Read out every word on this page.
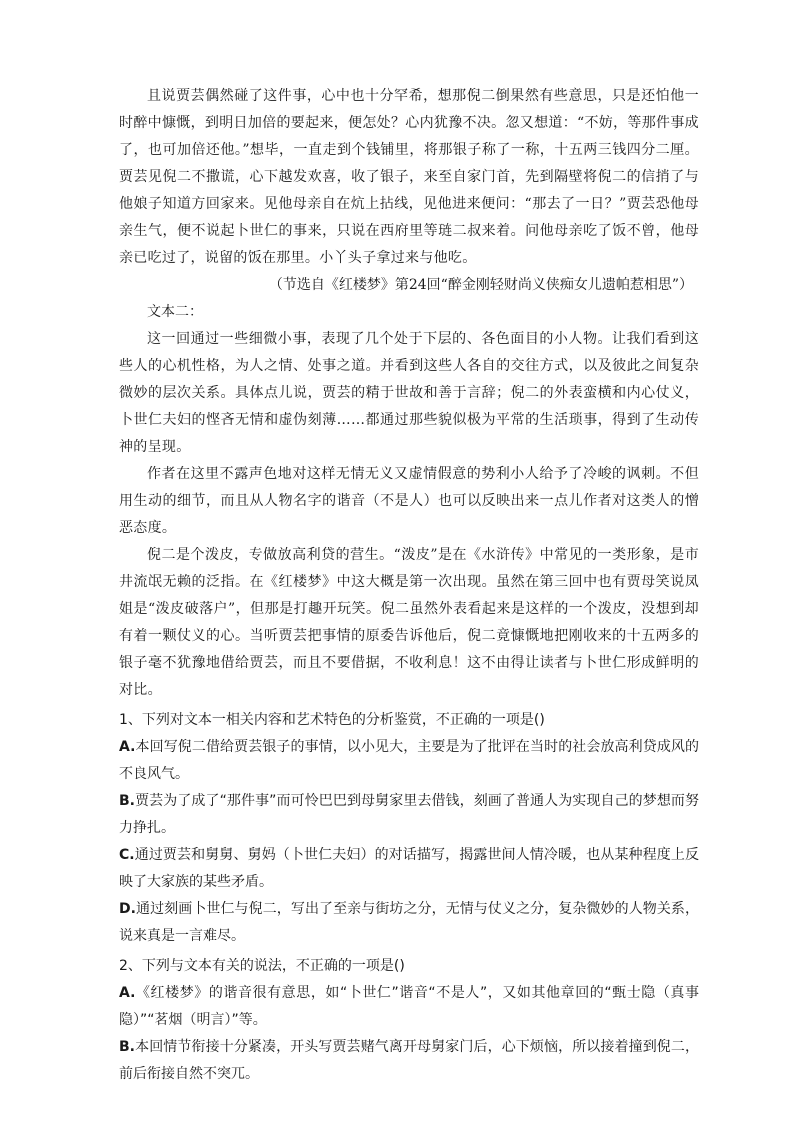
且说贾芸偶然碰了这件事，心中也十分罕希，想那倪二倒果然有些意思，只是还怕他一时醉中慷慨，到明日加倍的要起来，便怎处？心内犹豫不决。忽又想道：“不妨，等那件事成了，也可加倍还他。”想毕，一直走到个钱铺里，将那银子称了一称，十五两三钱四分二厘。贾芸见倪二不撒谎，心下越发欢喜，收了银子，来至自家门首，先到隔壁将倪二的信捎了与他娘子知道方回家来。见他母亲自在炕上拈线，见他进来便问：“那去了一日？”贾芸恐他母亲生气，便不说起卜世仁的事来，只说在西府里等琏二叔来着。问他母亲吃了饭不曾，他母亲已吃过了，说留的饭在那里。小丫头子拿过来与他吃。

（节选自《红楼梦》第24回“醉金刚轻财尚义侠痴女儿遗帕惹相思”）

文本二：

这一回通过一些细微小事，表现了几个处于下层的、各色面目的小人物。让我们看到这些人的心机性格，为人之情、处事之道。并看到这些人各自的交往方式，以及彼此之间复杂微妙的层次关系。具体点儿说，贾芸的精于世故和善于言辞；倪二的外表蛮横和内心仗义，卜世仁夫妇的悭吝无情和虚伪刻薄……都通过那些貌似极为平常的生活琐事，得到了生动传神的呈现。

作者在这里不露声色地对这样无情无义又虚情假意的势利小人给予了冷峻的讽刺。不但用生动的细节，而且从人物名字的谐音（不是人）也可以反映出来一点儿作者对这类人的憎恶态度。

倪二是个泼皮，专做放高利贷的营生。“泼皮”是在《水浒传》中常见的一类形象，是市井流氓无赖的泛指。在《红楼梦》中这大概是第一次出现。虽然在第三回中也有贾母笑说凤姐是“泼皮破落户”，但那是打趣开玩笑。倪二虽然外表看起来是这样的一个泼皮，没想到却有着一颗仗义的心。当听贾芸把事情的原委告诉他后，倪二竟慷慨地把刚收来的十五两多的银子毫不犹豫地借给贾芸，而且不要借据，不收利息！这不由得让读者与卜世仁形成鲜明的对比。

1、下列对文本一相关内容和艺术特色的分析鉴赏，不正确的一项是()

A.本回写倪二借给贾芸银子的事情，以小见大，主要是为了批评在当时的社会放高利贷成风的不良风气。

B.贾芸为了成了“那件事”而可怜巴巴到母舅家里去借钱，刻画了普通人为实现自己的梦想而努力挣扎。

C.通过贾芸和舅舅、舅妈（卜世仁夫妇）的对话描写，揭露世间人情冷暖，也从某种程度上反映了大家族的某些矛盾。

D.通过刻画卜世仁与倪二，写出了至亲与街坊之分，无情与仗义之分，复杂微妙的人物关系，说来真是一言难尽。

2、下列与文本有关的说法，不正确的一项是()

A.《红楼梦》的谐音很有意思，如“卜世仁”谐音“不是人”，又如其他章回的“甄士隐（真事隐）”“茗烟（明言）”等。

B.本回情节衔接十分紧凑，开头写贾芸赌气离开母舅家门后，心下烦恼，所以接着撞到倪二，前后衔接自然不突兀。
